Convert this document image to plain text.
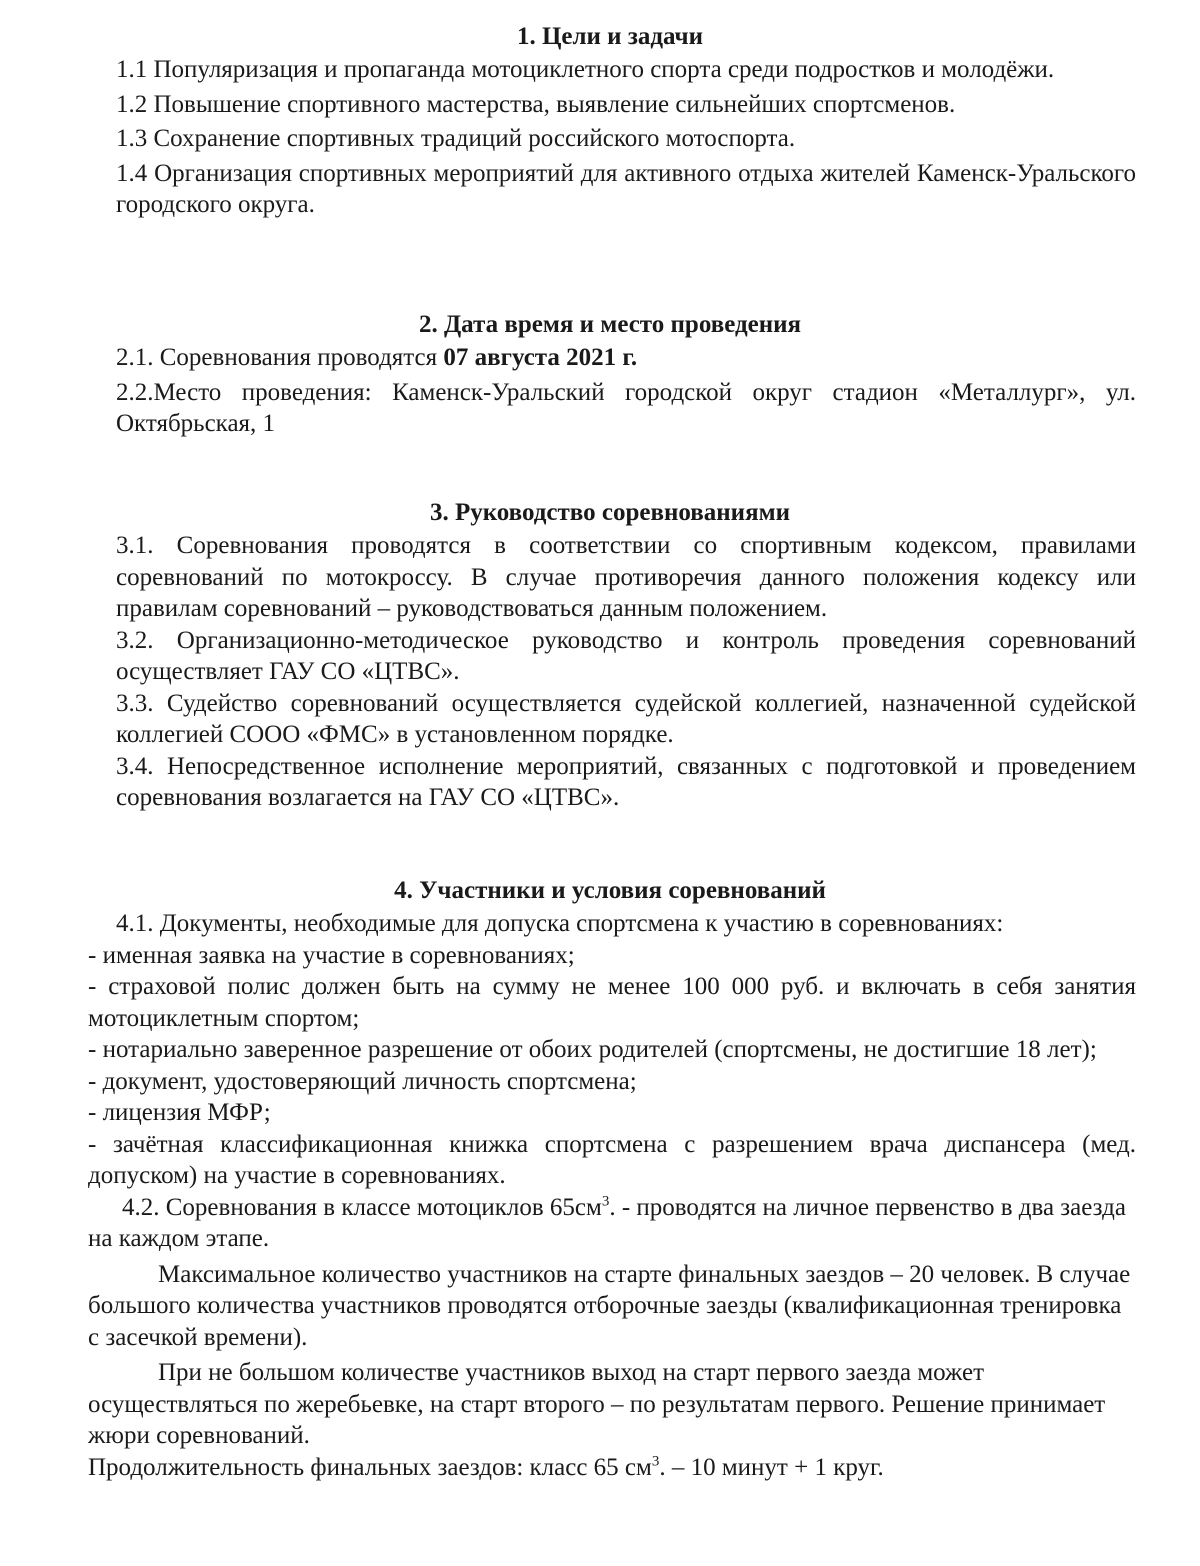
1. Цели и задачи

1.1 Популяризация и пропаганда мотоциклетного спорта среди подростков и молодёжи.

1.2 Повышение спортивного мастерства, выявление сильнейших спортсменов.

1.3 Сохранение спортивных традиций российского мотоспорта.

1.4 Организация спортивных мероприятий для активного отдыха жителей Каменск-Уральского городского округа.

2. Дата время и место проведения

2.1. Соревнования проводятся 07 августа 2021 г.

2.2.Место проведения: Каменск-Уральский городской округ стадион «Металлург», ул. Октябрьская, 1

3. Руководство соревнованиями

3.1. Соревнования проводятся в соответствии со спортивным кодексом, правилами соревнований по мотокроссу. В случае противоречия данного положения кодексу или правилам соревнований – руководствоваться данным положением.

3.2. Организационно-методическое руководство и контроль проведения соревнований осуществляет ГАУ СО «ЦТВС».

3.3. Судейство соревнований осуществляется судейской коллегией, назначенной судейской коллегией СООО «ФМС» в установленном порядке.

3.4. Непосредственное исполнение мероприятий, связанных с подготовкой и проведением соревнования возлагается на ГАУ СО «ЦТВС».

4. Участники и условия соревнований

4.1. Документы, необходимые для допуска спортсмена к участию в соревнованиях:

- именная заявка на участие в соревнованиях;

- страховой полис должен быть на сумму не менее 100 000 руб. и включать в себя занятия мотоциклетным спортом;

- нотариально заверенное разрешение от обоих родителей (спортсмены, не достигшие 18 лет);

- документ, удостоверяющий личность спортсмена;

- лицензия МФР;

- зачётная классификационная книжка спортсмена с разрешением врача диспансера (мед. допуском) на участие в соревнованиях.

4.2. Соревнования в классе мотоциклов $65см^3$. - проводятся на личное первенство в два заезда на каждом этапе.

Максимальное количество участников на старте финальных заездов – 20 человек. В случае большого количества участников проводятся отборочные заезды (квалификационная тренировка с засечкой времени).

При не большом количестве участников выход на старт первого заезда может осуществляться по жеребьевке, на старт второго – по результатам первого. Решение принимает жюри соревнований.

Продолжительность финальных заездов: класс 65 $см^3$. – 10 минут + 1 круг.
